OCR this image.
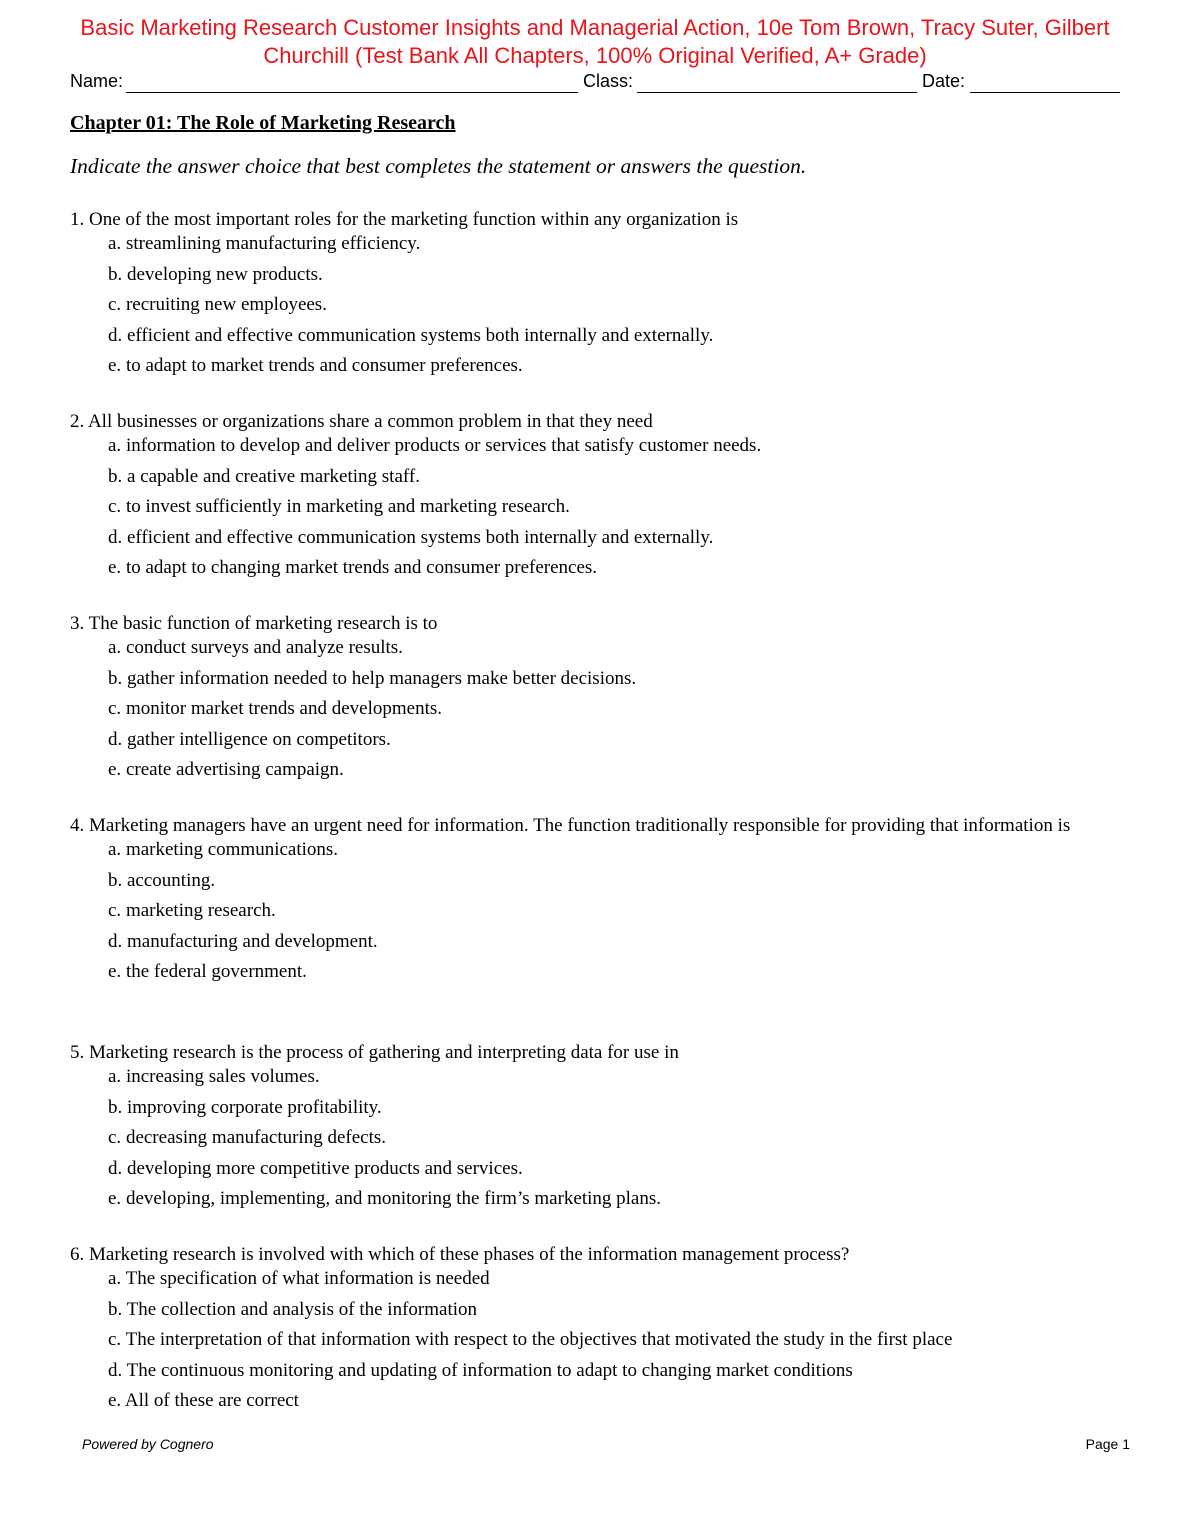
Basic Marketing Research Customer Insights and Managerial Action, 10e Tom Brown, Tracy Suter, Gilbert
Churchill (Test Bank All Chapters, 100% Original Verified, A+ Grade)
Name:	Class:	Date:
Chapter 01: The Role of Marketing Research
Indicate the answer choice that best completes the statement or answers the question.
1. One of the most important roles for the marketing function within any organization is
a. streamlining manufacturing efficiency.
b. developing new products.
c. recruiting new employees.
d. efficient and effective communication systems both internally and externally.
e. to adapt to market trends and consumer preferences.
2. All businesses or organizations share a common problem in that they need
a. information to develop and deliver products or services that satisfy customer needs.
b. a capable and creative marketing staff.
c. to invest sufficiently in marketing and marketing research.
d. efficient and effective communication systems both internally and externally.
e. to adapt to changing market trends and consumer preferences.
3. The basic function of marketing research is to
a. conduct surveys and analyze results.
b. gather information needed to help managers make better decisions.
c. monitor market trends and developments.
d. gather intelligence on competitors.
e. create advertising campaign.
4. Marketing managers have an urgent need for information. The function traditionally responsible for providing that information is
a. marketing communications.
b. accounting.
c. marketing research.
d. manufacturing and development.
e. the federal government.
5. Marketing research is the process of gathering and interpreting data for use in
a. increasing sales volumes.
b. improving corporate profitability.
c. decreasing manufacturing defects.
d. developing more competitive products and services.
e. developing, implementing, and monitoring the firm’s marketing plans.
6. Marketing research is involved with which of these phases of the information management process?
a. The specification of what information is needed
b. The collection and analysis of the information
c. The interpretation of that information with respect to the objectives that motivated the study in the first place
d. The continuous monitoring and updating of information to adapt to changing market conditions
e. All of these are correct
Powered by Cognero	Page 1
